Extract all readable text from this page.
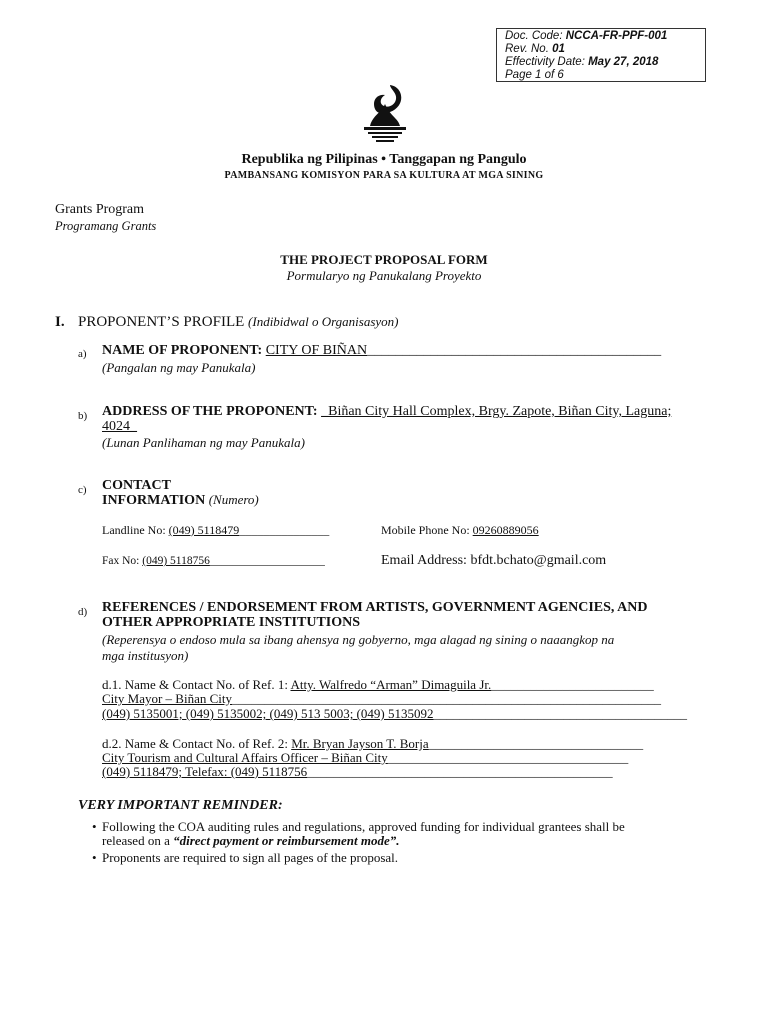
Doc. Code: NCCA-FR-PPF-001
Rev. No. 01
Effectivity Date: May 27, 2018
Page 1 of 6
Republika ng Pilipinas • Tanggapan ng Pangulo
PAMBANSANG KOMISYON PARA SA KULTURA AT MGA SINING
Grants Program
Programang Grants
THE PROJECT PROPOSAL FORM
Pormularyo ng Panukalang Proyekto
I. PROPONENT’S PROFILE (Indibidwal o Organisasyon)
a) NAME OF PROPONENT: CITY OF BIÑAN__________________________________________
(Pangalan ng may Panukala)
b) ADDRESS OF THE PROPONENT: _Biñan City Hall Complex, Brgy. Zapote, Biñan City, Laguna;
4024_
(Lunan Panlihaman ng may Panukala)
c) CONTACT
INFORMATION (Numero)
Landline No: (049) 5118479_______________	Mobile Phone No: 09260889056
Fax No: (049) 5118756____________________	Email Address: bfdt.bchato@gmail.com
d) REFERENCES / ENDORSEMENT FROM ARTISTS, GOVERNMENT AGENCIES, AND
OTHER APPROPRIATE INSTITUTIONS
(Reperensya o endoso mula sa ibang ahensya ng gobyerno, mga alagad ng sining o naaangkop na
mga institusyon)
d.1. Name & Contact No. of Ref. 1: Atty. Walfredo “Arman” Dimaguila Jr._________________________
City Mayor – Biñan City__________________________________________________________________
(049) 5135001; (049) 5135002; (049) 513 5003; (049) 5135092_______________________________________
d.2. Name & Contact No. of Ref. 2: Mr. Bryan Jayson T. Borja_________________________________
City Tourism and Cultural Affairs Officer – Biñan City_____________________________________
(049) 5118479; Telefax: (049) 5118756_______________________________________________
VERY IMPORTANT REMINDER:
• Following the COA auditing rules and regulations, approved funding for individual grantees shall be
released on a “direct payment or reimbursement mode”.
• Proponents are required to sign all pages of the proposal.
